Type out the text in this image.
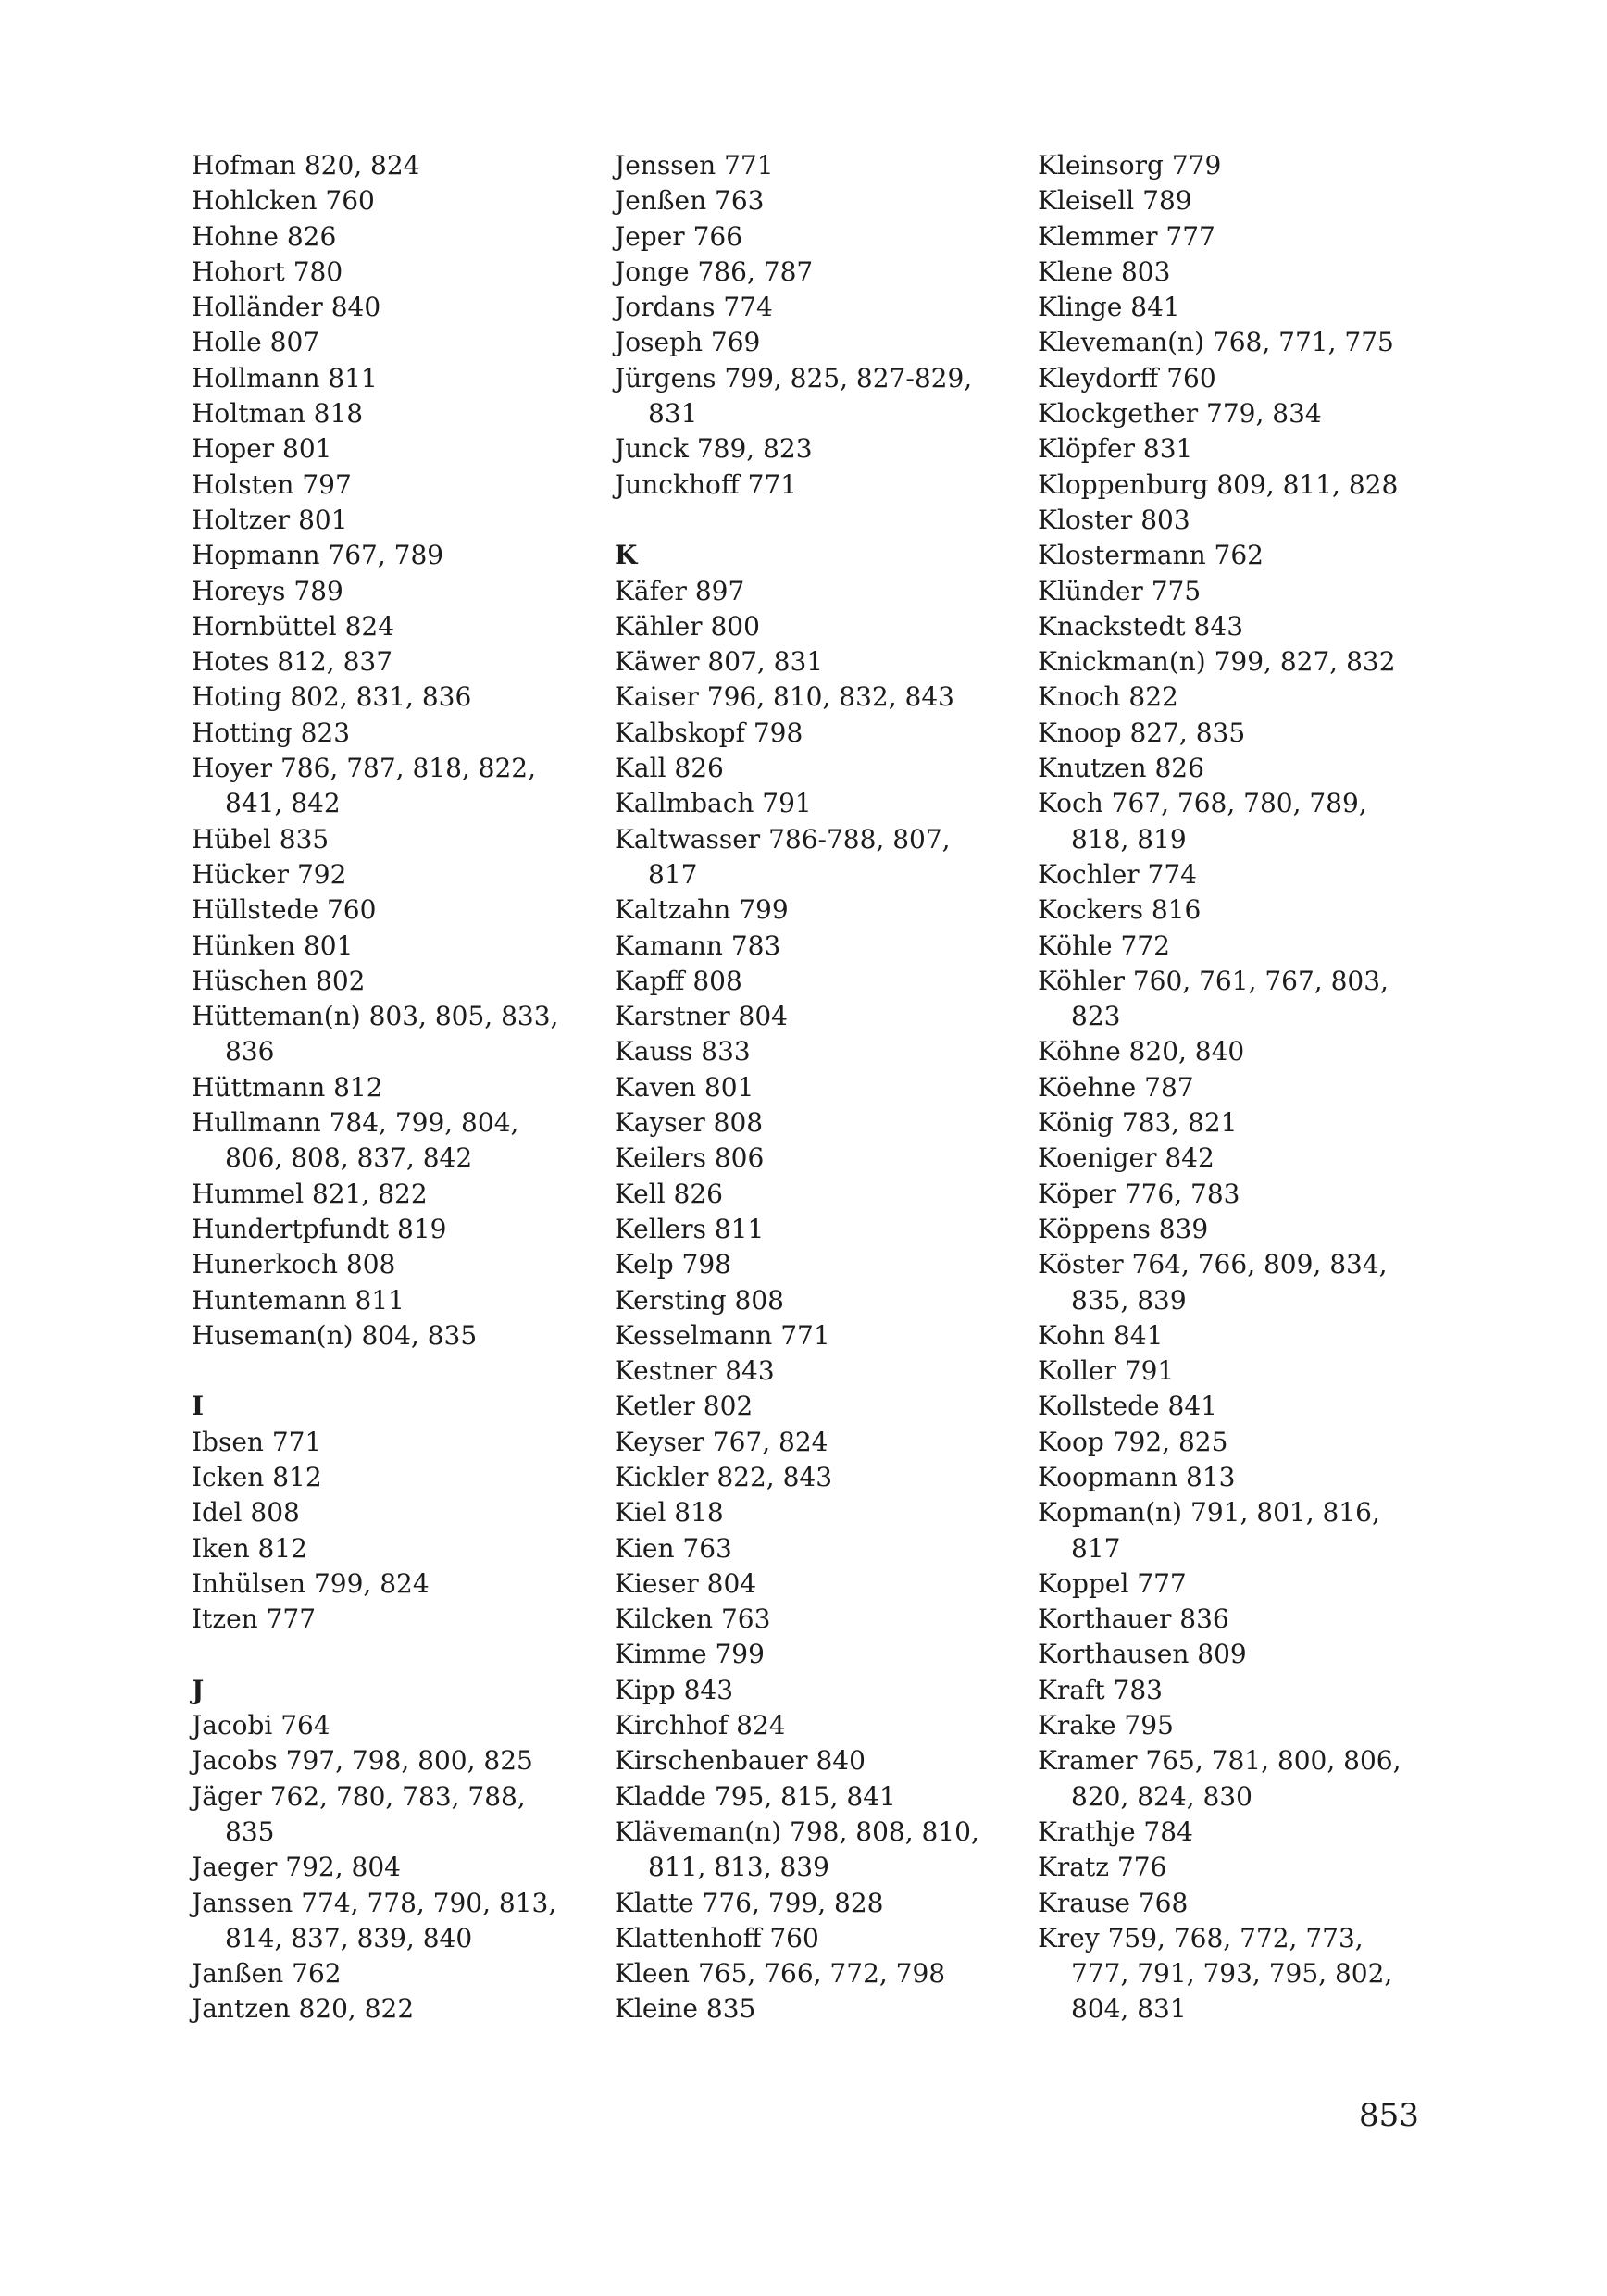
Hofman 820, 824
Hohlcken 760
Hohne 826
Hohort 780
Holländer 840
Holle 807
Hollmann 811
Holtman 818
Hoper 801
Holsten 797
Holtzer 801
Hopmann 767, 789
Horeys 789
Hornbüttel 824
Hotes 812, 837
Hoting 802, 831, 836
Hotting 823
Hoyer 786, 787, 818, 822,
841, 842
Hübel 835
Hücker 792
Hüllstede 760
Hünken 801
Hüschen 802
Hütteman(n) 803, 805, 833,
836
Hüttmann 812
Hullmann 784, 799, 804,
806, 808, 837, 842
Hummel 821, 822
Hundertpfundt 819
Hunerkoch 808
Huntemann 811
Huseman(n) 804, 835
I
Ibsen 771
Icken 812
Idel 808
Iken 812
Inhülsen 799, 824
Itzen 777
J
Jacobi 764
Jacobs 797, 798, 800, 825
Jäger 762, 780, 783, 788,
835
Jaeger 792, 804
Janssen 774, 778, 790, 813,
814, 837, 839, 840
Janßen 762
Jantzen 820, 822
Jenssen 771
Jenßen 763
Jeper 766
Jonge 786, 787
Jordans 774
Joseph 769
Jürgens 799, 825, 827-829,
831
Junck 789, 823
Junckhoff 771
K
Käfer 897
Kähler 800
Käwer 807, 831
Kaiser 796, 810, 832, 843
Kalbskopf 798
Kall 826
Kallmbach 791
Kaltwasser 786-788, 807,
817
Kaltzahn 799
Kamann 783
Kapff 808
Karstner 804
Kauss 833
Kaven 801
Kayser 808
Keilers 806
Kell 826
Kellers 811
Kelp 798
Kersting 808
Kesselmann 771
Kestner 843
Ketler 802
Keyser 767, 824
Kickler 822, 843
Kiel 818
Kien 763
Kieser 804
Kilcken 763
Kimme 799
Kipp 843
Kirchhof 824
Kirschenbauer 840
Kladde 795, 815, 841
Kläveman(n) 798, 808, 810,
811, 813, 839
Klatte 776, 799, 828
Klattenhoff 760
Kleen 765, 766, 772, 798
Kleine 835
Kleinsorg 779
Kleisell 789
Klemmer 777
Klene 803
Klinge 841
Kleveman(n) 768, 771, 775
Kleydorff 760
Klockgether 779, 834
Klöpfer 831
Kloppenburg 809, 811, 828
Kloster 803
Klostermann 762
Klünder 775
Knackstedt 843
Knickman(n) 799, 827, 832
Knoch 822
Knoop 827, 835
Knutzen 826
Koch 767, 768, 780, 789,
818, 819
Kochler 774
Kockers 816
Köhle 772
Köhler 760, 761, 767, 803,
823
Köhne 820, 840
Köehne 787
König 783, 821
Koeniger 842
Köper 776, 783
Köppens 839
Köster 764, 766, 809, 834,
835, 839
Kohn 841
Koller 791
Kollstede 841
Koop 792, 825
Koopmann 813
Kopman(n) 791, 801, 816,
817
Koppel 777
Korthauer 836
Korthausen 809
Kraft 783
Krake 795
Kramer 765, 781, 800, 806,
820, 824, 830
Krathje 784
Kratz 776
Krause 768
Krey 759, 768, 772, 773,
777, 791, 793, 795, 802,
804, 831
853
